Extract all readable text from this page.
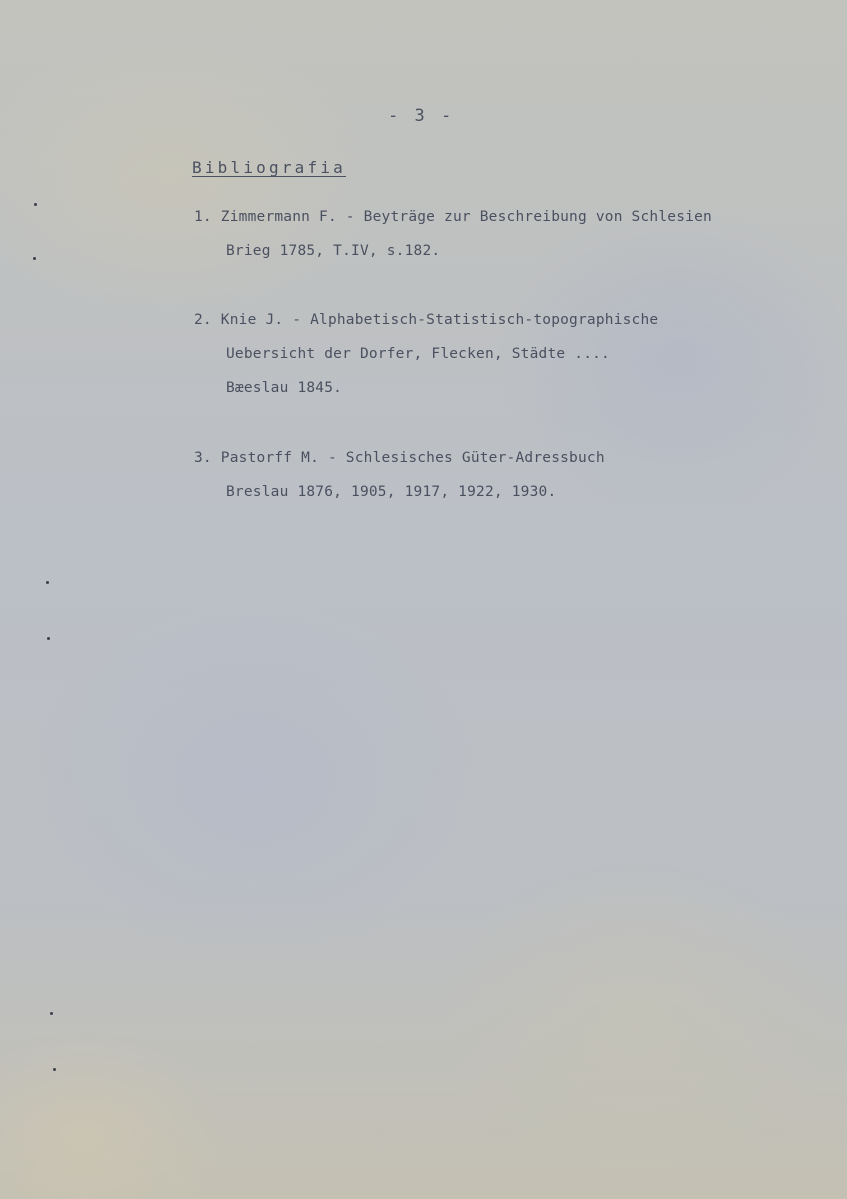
- 3 -
Bibliografia
1. Zimmermann F. - Beyträge zur Beschreibung von Schlesien
Brieg 1785, T.IV, s.182.
2. Knie J. - Alphabetisch-Statistisch-topographische
Uebersicht der Dorfer, Flecken, Städte ....
Bæeslau 1845.
3. Pastorff M. - Schlesisches Güter-Adressbuch
Breslau 1876, 1905, 1917, 1922, 1930.
